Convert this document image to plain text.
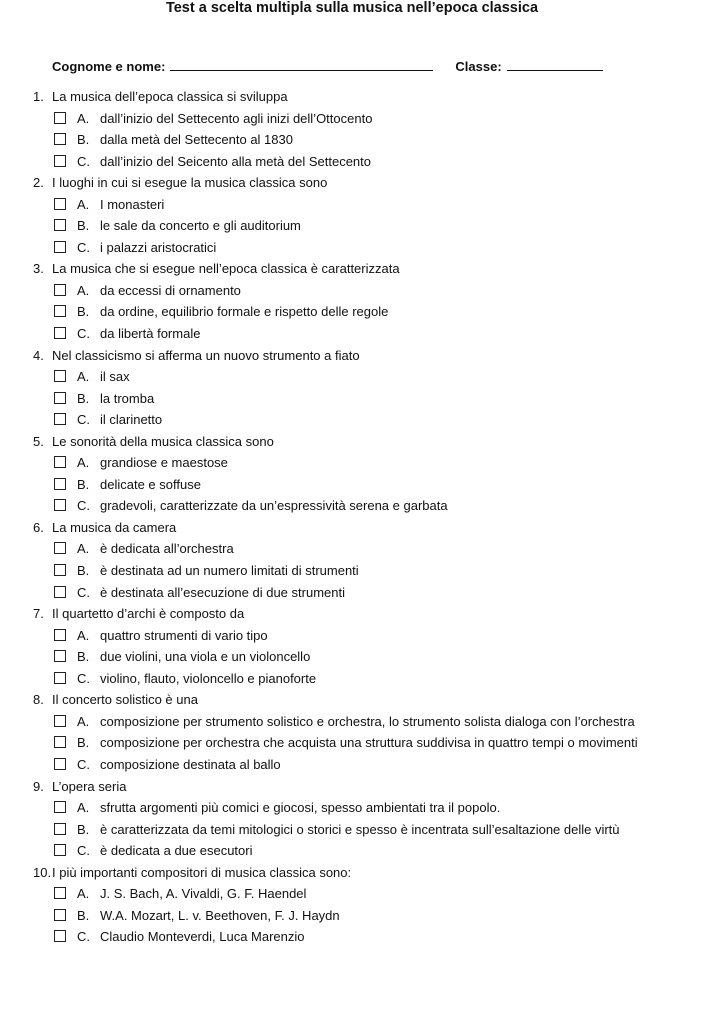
Test a scelta multipla sulla musica nell’epoca classica
Cognome e nome:	Classe:
1. La musica dell’epoca classica si sviluppa
A. dall’inizio del Settecento agli inizi dell’Ottocento
B. dalla metà del Settecento al 1830
C. dall’inizio del Seicento alla metà del Settecento
2. I luoghi in cui si esegue la musica classica sono
A. I monasteri
B. le sale da concerto e gli auditorium
C. i palazzi aristocratici
3. La musica che si esegue nell’epoca classica è caratterizzata
A. da eccessi di ornamento
B. da ordine, equilibrio formale e rispetto delle regole
C. da libertà formale
4. Nel classicismo si afferma un nuovo strumento a fiato
A. il sax
B. la tromba
C. il clarinetto
5. Le sonorità della musica classica sono
A. grandiose e maestose
B. delicate e soffuse
C. gradevoli, caratterizzate da un’espressività serena e garbata
6. La musica da camera
A. è dedicata all’orchestra
B. è destinata ad un numero limitati di strumenti
C. è destinata all’esecuzione di due strumenti
7. Il quartetto d’archi è composto da
A. quattro strumenti di vario tipo
B. due violini, una viola e un violoncello
C. violino, flauto, violoncello e pianoforte
8. Il concerto solistico è una
A. composizione per strumento solistico e orchestra, lo strumento solista dialoga con l’orchestra
B. composizione per orchestra che acquista una struttura suddivisa in quattro tempi o movimenti
C. composizione destinata al ballo
9. L’opera seria
A. sfrutta argomenti più comici e giocosi, spesso ambientati tra il popolo.
B. è caratterizzata da temi mitologici o storici e spesso è incentrata sull’esaltazione delle virtù
C. è dedicata a due esecutori
10.I più importanti compositori di musica classica sono:
A. J. S. Bach, A. Vivaldi, G. F. Haendel
B. W.A. Mozart, L. v. Beethoven, F. J. Haydn
C. Claudio Monteverdi, Luca Marenzio
